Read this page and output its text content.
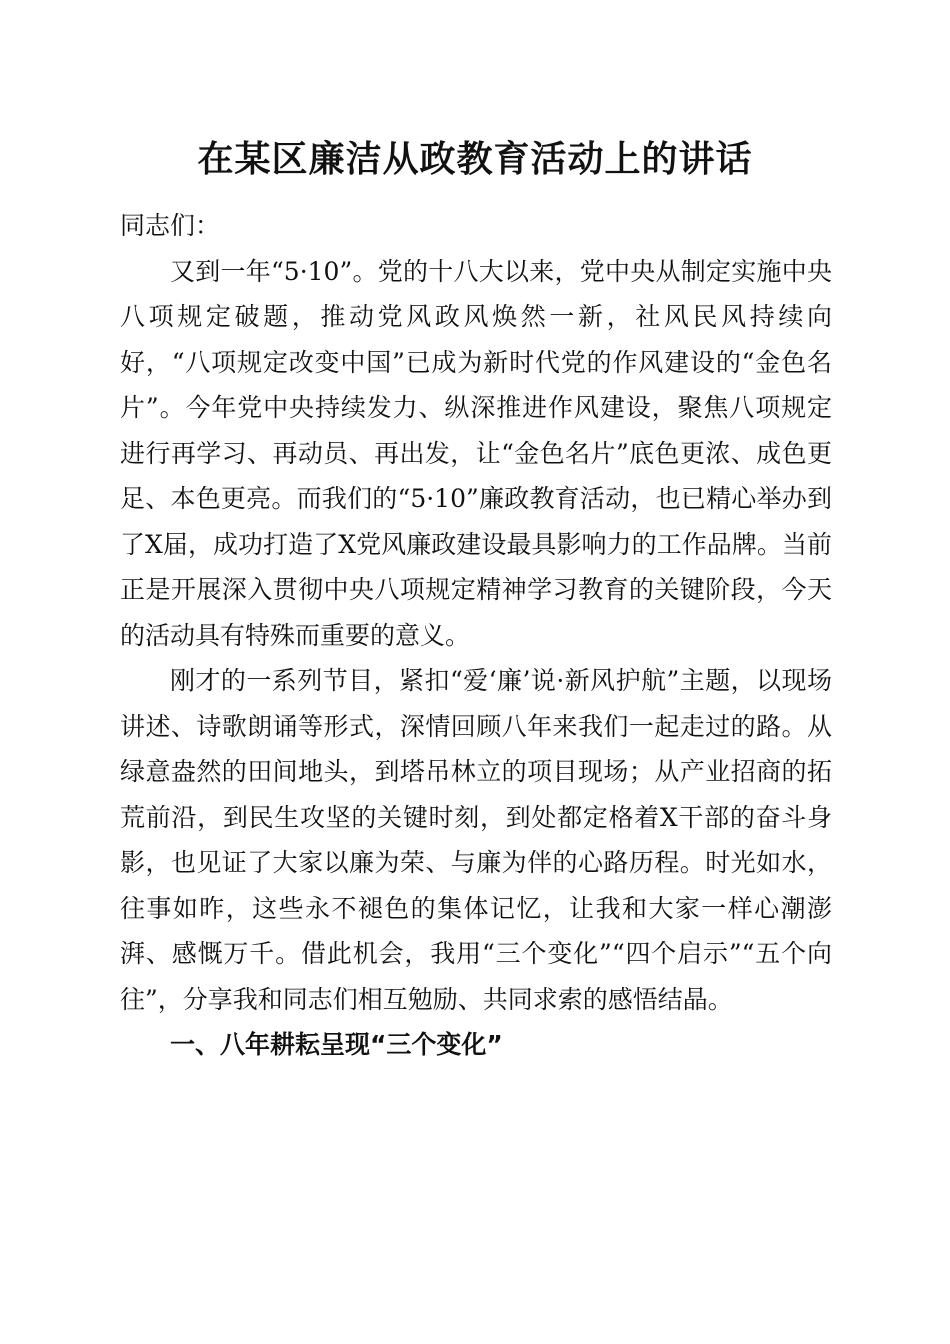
在某区廉洁从政教育活动上的讲话

同志们：

又到一年“5·10”。党的十八大以来，党中央从制定实施中央八项规定破题，推动党风政风焕然一新，社风民风持续向好，“八项规定改变中国”已成为新时代党的作风建设的“金色名片”。今年党中央持续发力、纵深推进作风建设，聚焦八项规定进行再学习、再动员、再出发，让“金色名片”底色更浓、成色更足、本色更亮。而我们的“5·10”廉政教育活动，也已精心举办到了X届，成功打造了X党风廉政建设最具影响力的工作品牌。当前正是开展深入贯彻中央八项规定精神学习教育的关键阶段，今天的活动具有特殊而重要的意义。

刚才的一系列节目，紧扣“爱‘廉’说·新风护航”主题，以现场讲述、诗歌朗诵等形式，深情回顾八年来我们一起走过的路。从绿意盎然的田间地头，到塔吊林立的项目现场；从产业招商的拓荒前沿，到民生攻坚的关键时刻，到处都定格着X干部的奋斗身影，也见证了大家以廉为荣、与廉为伴的心路历程。时光如水，往事如昨，这些永不褪色的集体记忆，让我和大家一样心潮澎湃、感慨万千。借此机会，我用“三个变化”“四个启示”“五个向往”，分享我和同志们相互勉励、共同求索的感悟结晶。

一、八年耕耘呈现“三个变化”
